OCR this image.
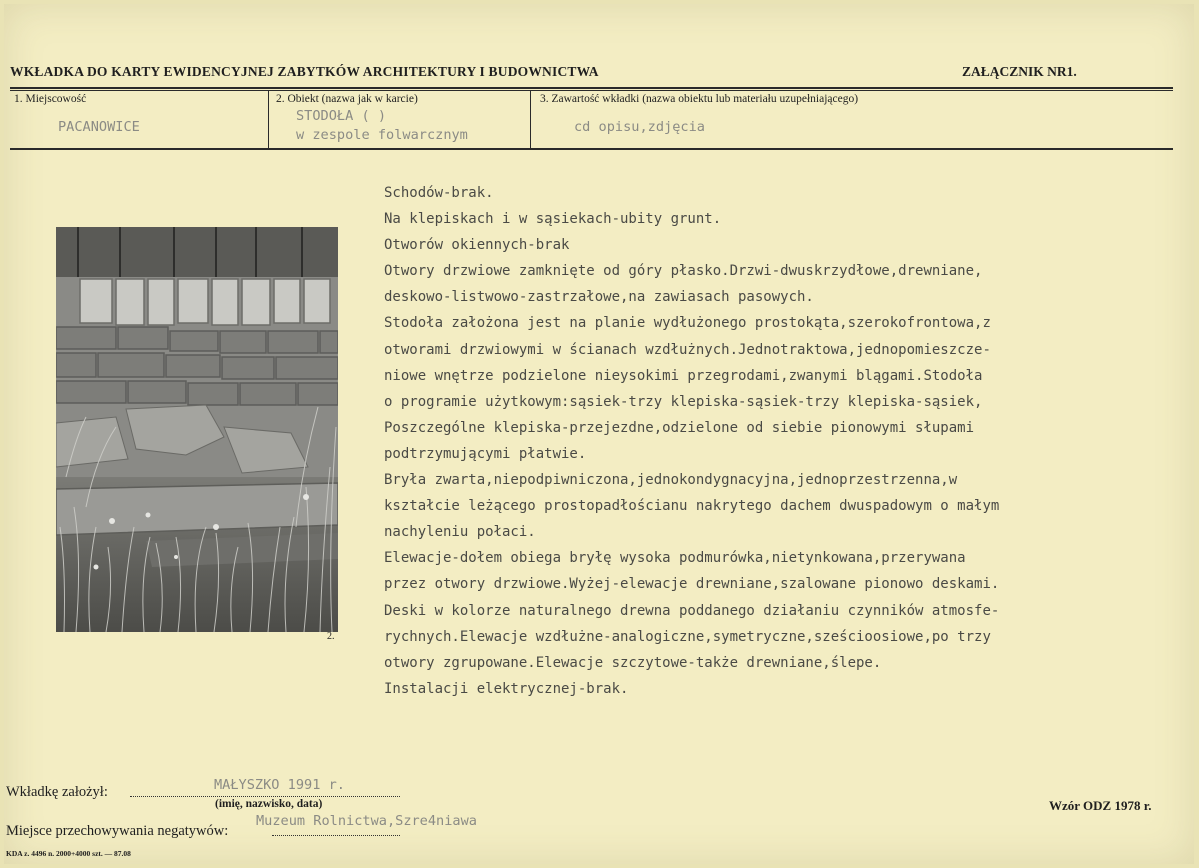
WKŁADKA DO KARTY EWIDENCYJNEJ ZABYTKÓW ARCHITEKTURY I BUDOWNICTWA	ZAŁĄCZNIK NR1.
1. Miejscowość
PACANOWICE
2. Obiekt (nazwa jak w karcie)
STODOŁA ( )
w zespole folwarcznym
3. Zawartość wkładki (nazwa obiektu lub materiału uzupełniającego)
cd opisu,zdjęcia
2.
Schodów-brak.
Na klepiskach i w sąsiekach-ubity grunt.
Otworów okiennych-brak
Otwory drzwiowe zamknięte od góry płasko.Drzwi-dwuskrzydłowe,drewniane,
deskowo-listwowo-zastrzałowe,na zawiasach pasowych.
Stodoła założona jest na planie wydłużonego prostokąta,szerokofrontowa,z
otworami drzwiowymi w ścianach wzdłużnych.Jednotraktowa,jednopomieszcze-
niowe wnętrze podzielone nieysokimi przegrodami,zwanymi blągami.Stodoła
o programie użytkowym:sąsiek-trzy klepiska-sąsiek-trzy klepiska-sąsiek,
Poszczególne klepiska-przejezdne,odzielone od siebie pionowymi słupami
podtrzymującymi płatwie.
Bryła zwarta,niepodpiwniczona,jednokondygnacyjna,jednoprzestrzenna,w
kształcie leżącego prostopadłościanu nakrytego dachem dwuspadowym o małym
nachyleniu połaci.
Elewacje-dołem obiega bryłę wysoka podmurówka,nietynkowana,przerywana
przez otwory drzwiowe.Wyżej-elewacje drewniane,szalowane pionowo deskami.
Deski w kolorze naturalnego drewna poddanego działaniu czynników atmosfe-
rychnych.Elewacje wzdłużne-analogiczne,symetryczne,sześcioosiowe,po trzy
otwory zgrupowane.Elewacje szczytowe-także drewniane,ślepe.
Instalacji elektrycznej-brak.
Wkładkę założył:	MAŁYSZKO 1991 r.
(imię, nazwisko, data)
Miejsce przechowywania negatywów:
Muzeum Rolnictwa,Szre4niawa
Wzór ODZ 1978 r.
KDA z. 4496 n. 2000+4000 szt. — 87.08
